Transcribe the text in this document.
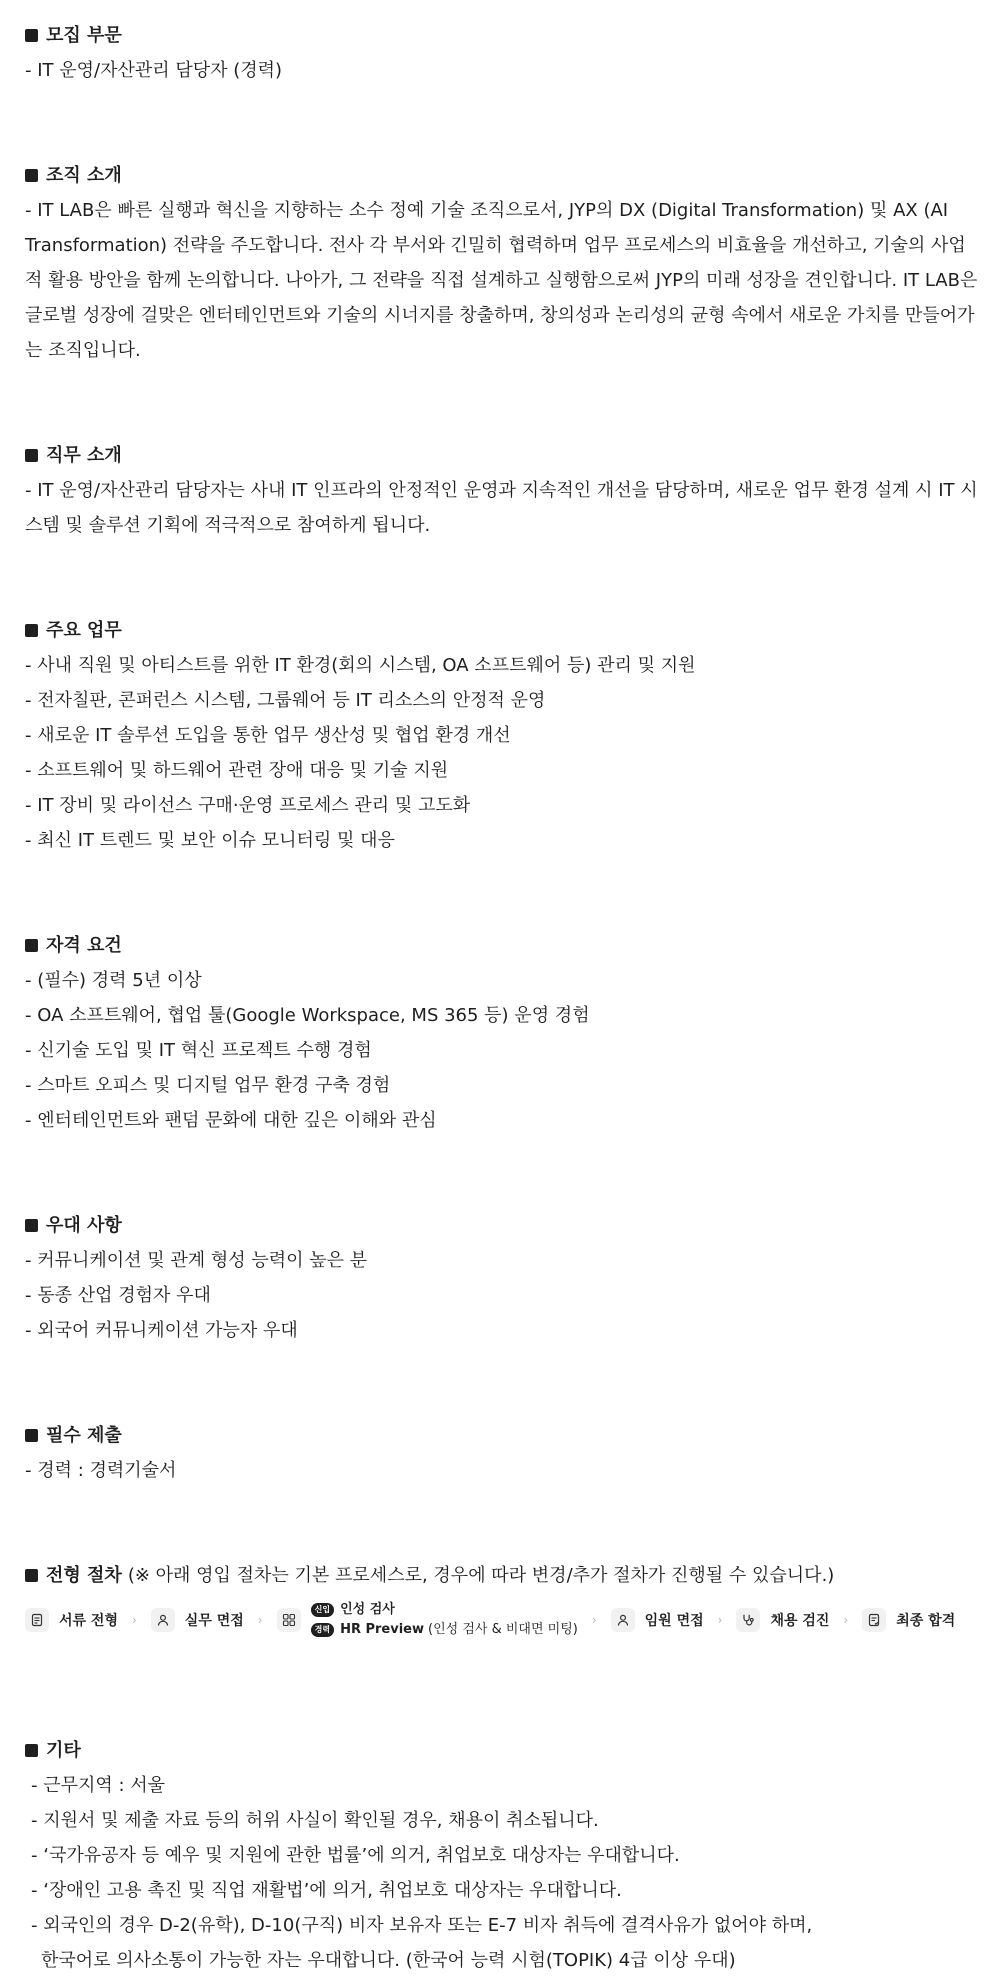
모집 부문
- IT 운영/자산관리 담당자 (경력)
조직 소개
- IT LAB은 빠른 실행과 혁신을 지향하는 소수 정예 기술 조직으로서, JYP의 DX (Digital Transformation) 및 AX (AI Transformation) 전략을 주도합니다. 전사 각 부서와 긴밀히 협력하며 업무 프로세스의 비효율을 개선하고, 기술의 사업적 활용 방안을 함께 논의합니다. 나아가, 그 전략을 직접 설계하고 실행함으로써 JYP의 미래 성장을 견인합니다. IT LAB은 글로벌 성장에 걸맞은 엔터테인먼트와 기술의 시너지를 창출하며, 창의성과 논리성의 균형 속에서 새로운 가치를 만들어가는 조직입니다.
직무 소개
- IT 운영/자산관리 담당자는 사내 IT 인프라의 안정적인 운영과 지속적인 개선을 담당하며, 새로운 업무 환경 설계 시 IT 시스템 및 솔루션 기획에 적극적으로 참여하게 됩니다.
주요 업무
- 사내 직원 및 아티스트를 위한 IT 환경(회의 시스템, OA 소프트웨어 등) 관리 및 지원
- 전자칠판, 콘퍼런스 시스템, 그룹웨어 등 IT 리소스의 안정적 운영
- 새로운 IT 솔루션 도입을 통한 업무 생산성 및 협업 환경 개선
- 소프트웨어 및 하드웨어 관련 장애 대응 및 기술 지원
- IT 장비 및 라이선스 구매·운영 프로세스 관리 및 고도화
- 최신 IT 트렌드 및 보안 이슈 모니터링 및 대응
자격 요건
- (필수) 경력 5년 이상
- OA 소프트웨어, 협업 툴(Google Workspace, MS 365 등) 운영 경험
- 신기술 도입 및 IT 혁신 프로젝트 수행 경험
- 스마트 오피스 및 디지털 업무 환경 구축 경험
- 엔터테인먼트와 팬덤 문화에 대한 깊은 이해와 관심
우대 사항
- 커뮤니케이션 및 관계 형성 능력이 높은 분
- 동종 산업 경험자 우대
- 외국어 커뮤니케이션 가능자 우대
필수 제출
- 경력 : 경력기술서
전형 절차 (※ 아래 영입 절차는 기본 프로세스로, 경우에 따라 변경/추가 절차가 진행될 수 있습니다.)
서류 전형 ›	실무 면접 ›
신입 인성 검사
경력 HR Preview (인성 검사 & 비대면 미팅)
›	임원 면접 ›	채용 검진 ›	최종 합격
기타
- 근무지역 : 서울
- 지원서 및 제출 자료 등의 허위 사실이 확인될 경우, 채용이 취소됩니다.
- ‘국가유공자 등 예우 및 지원에 관한 법률’에 의거, 취업보호 대상자는 우대합니다.
- ‘장애인 고용 촉진 및 직업 재활법’에 의거, 취업보호 대상자는 우대합니다.
- 외국인의 경우 D-2(유학), D-10(구직) 비자 보유자 또는 E-7 비자 취득에 결격사유가 없어야 하며,
한국어로 의사소통이 가능한 자는 우대합니다. (한국어 능력 시험(TOPIK) 4급 이상 우대)
